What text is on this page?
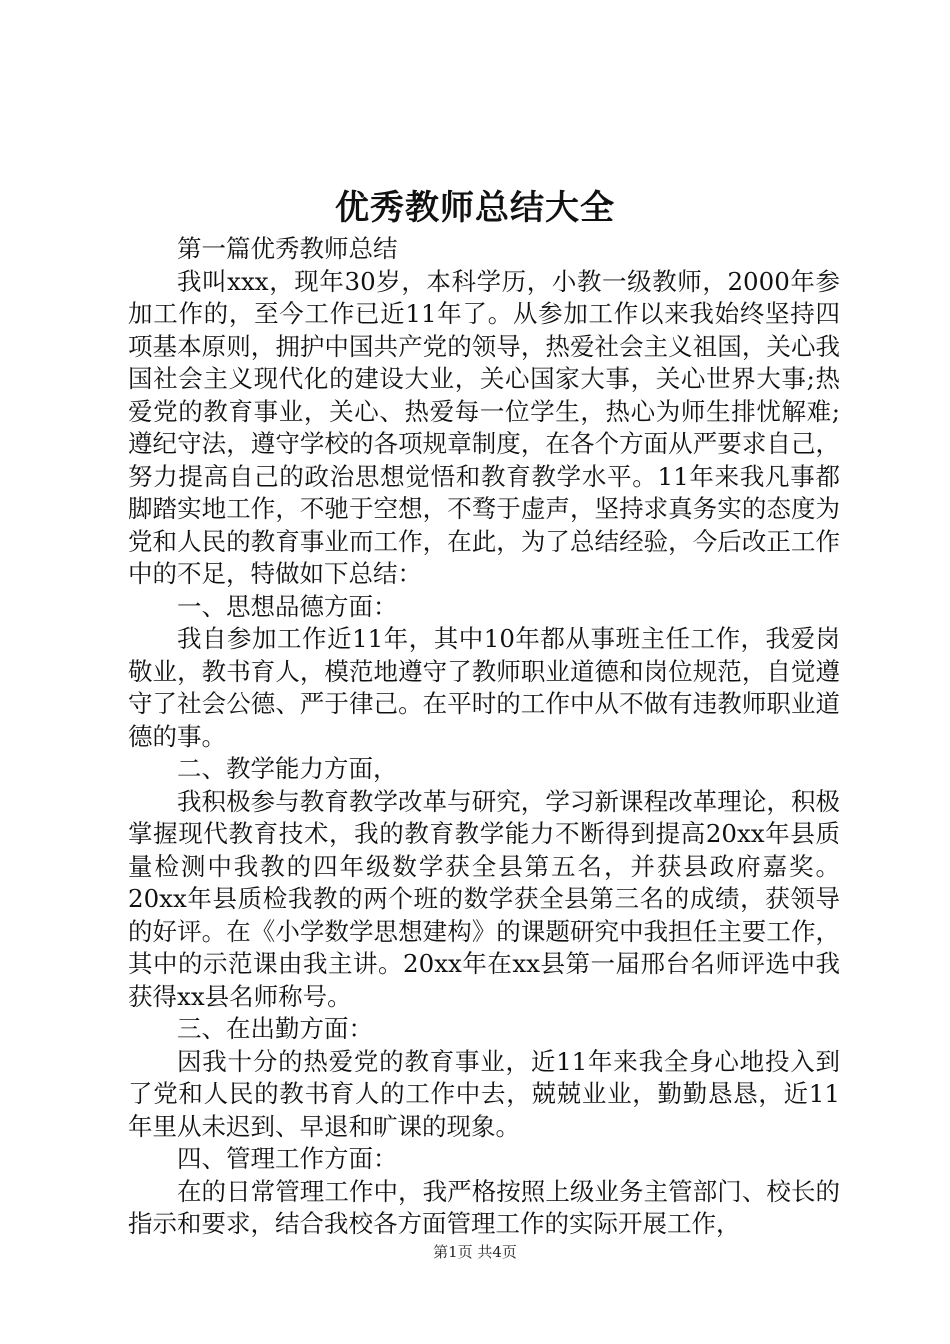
优秀教师总结大全

第一篇优秀教师总结

我叫xxx，现年30岁，本科学历，小教一级教师，2000年参加工作的，至今工作已近11年了。从参加工作以来我始终坚持四项基本原则，拥护中国共产党的领导，热爱社会主义祖国，关心我国社会主义现代化的建设大业，关心国家大事，关心世界大事;热爱党的教育事业，关心、热爱每一位学生，热心为师生排忧解难;遵纪守法，遵守学校的各项规章制度，在各个方面从严要求自己，努力提高自己的政治思想觉悟和教育教学水平。11年来我凡事都脚踏实地工作，不驰于空想，不骛于虚声，坚持求真务实的态度为党和人民的教育事业而工作，在此，为了总结经验，今后改正工作中的不足，特做如下总结：

一、思想品德方面：

我自参加工作近11年，其中10年都从事班主任工作，我爱岗敬业，教书育人，模范地遵守了教师职业道德和岗位规范，自觉遵守了社会公德、严于律己。在平时的工作中从不做有违教师职业道德的事。

二、教学能力方面，

我积极参与教育教学改革与研究，学习新课程改革理论，积极掌握现代教育技术，我的教育教学能力不断得到提高20xx年县质量检测中我教的四年级数学获全县第五名，并获县政府嘉奖。20xx年县质检我教的两个班的数学获全县第三名的成绩，获领导的好评。在《小学数学思想建构》的课题研究中我担任主要工作，其中的示范课由我主讲。20xx年在xx县第一届邢台名师评选中我获得xx县名师称号。

三、在出勤方面：

因我十分的热爱党的教育事业，近11年来我全身心地投入到了党和人民的教书育人的工作中去，兢兢业业，勤勤恳恳，近11年里从未迟到、早退和旷课的现象。

四、管理工作方面：

在的日常管理工作中，我严格按照上级业务主管部门、校长的指示和要求，结合我校各方面管理工作的实际开展工作，

第1页 共4页
